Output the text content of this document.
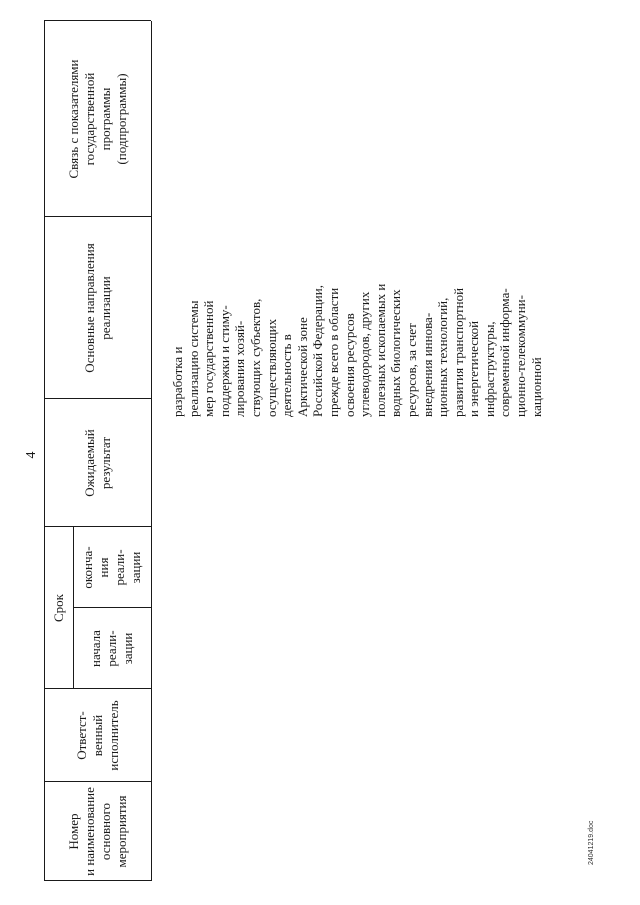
4
Номер
и наименование
основного
мероприятия
Ответст-
венный
исполнитель
Срок
начала
реали-
зации
оконча-
ния
реали-
зации
Ожидаемый
результат
Основные направления
реализации
Связь с показателями
государственной
программы
(подпрограммы)
разработка и реализацию системы мер государственной поддержки и стиму- лирования хозяй- ствующих субъектов, осуществляющих деятельность в Арктической зоне Российской Федерации, прежде всего в области освоения ресурсов углеводородов, других полезных ископаемых и водных биологических ресурсов, за счет внедрения иннова- ционных технологий, развития транспортной и энергетической инфраструктуры, современной информа- ционно-телекоммуни- кационной
24041219.doc
